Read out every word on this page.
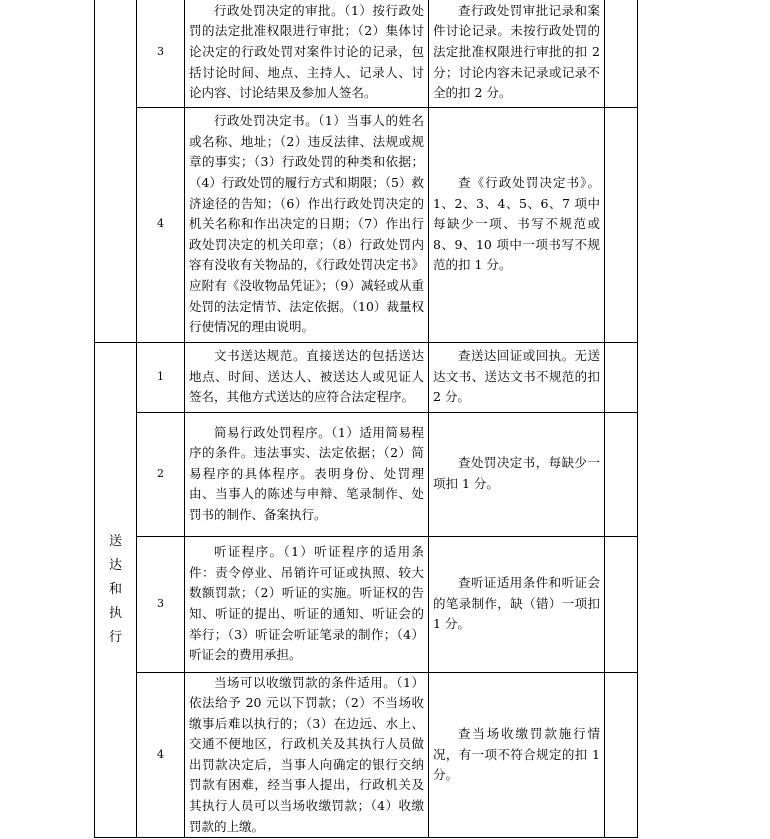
	3	行政处罚决定的审批。（1）按行政处罚的法定批准权限进行审批；（2）集体讨论决定的行政处罚对案件讨论的记录，包括讨论时间、地点、主持人、记录人、讨论内容、讨论结果及参加人签名。	查行政处罚审批记录和案件讨论记录。未按行政处罚的法定批准权限进行审批的扣 2 分；讨论内容未记录或记录不全的扣 2 分。	

	4	行政处罚决定书。（1）当事人的姓名或名称、地址；（2）违反法律、法规或规章的事实；（3）行政处罚的种类和依据；（4）行政处罚的履行方式和期限；（5）救济途径的告知；（6）作出行政处罚决定的机关名称和作出决定的日期；（7）作出行政处罚决定的机关印章；（8）行政处罚内容有没收有关物品的，《行政处罚决定书》应附有《没收物品凭证》；（9）减轻或从重处罚的法定情节、法定依据。（10）裁量权行使情况的理由说明。	查《行政处罚决定书》。1、2、3、4、5、6、7 项中每缺少一项、书写不规范或 8、9、10 项中一项书写不规范的扣 1 分。	

送达和执行	1	文书送达规范。直接送达的包括送达地点、时间、送达人、被送达人或见证人签名，其他方式送达的应符合法定程序。	查送达回证或回执。无送达文书、送达文书不规范的扣 2 分。	

	2	简易行政处罚程序。（1）适用简易程序的条件。违法事实、法定依据；（2）简易程序的具体程序。表明身份、处罚理由、当事人的陈述与申辩、笔录制作、处罚书的制作、备案执行。	查处罚决定书，每缺少一项扣 1 分。	

	3	听证程序。（1）听证程序的适用条件：责令停业、吊销许可证或执照、较大数额罚款；（2）听证的实施。听证权的告知、听证的提出、听证的通知、听证会的举行；（3）听证会听证笔录的制作；（4）听证会的费用承担。	查听证适用条件和听证会的笔录制作，缺（错）一项扣 1 分。	

	4	当场可以收缴罚款的条件适用。（1）依法给予 20 元以下罚款；（2）不当场收缴事后难以执行的；（3）在边远、水上、交通不便地区，行政机关及其执行人员做出罚款决定后，当事人向确定的银行交纳罚款有困难，经当事人提出，行政机关及其执行人员可以当场收缴罚款；（4）收缴罚款的上缴。	查当场收缴罚款施行情况，有一项不符合规定的扣 1 分。	
